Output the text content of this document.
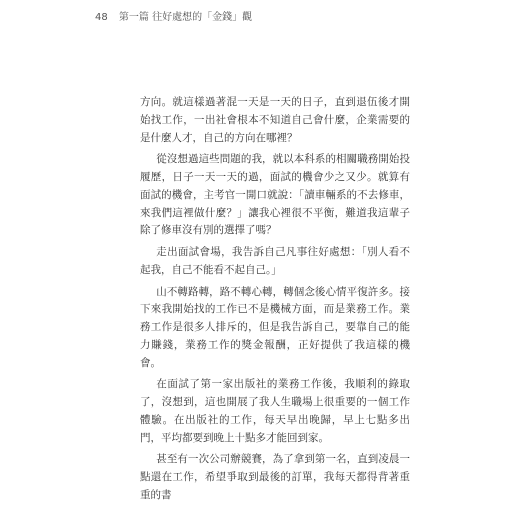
48 第一篇 往好處想的「金錢」觀

方向。就這樣過著混一天是一天的日子，直到退伍後才開始找工作，一出社會根本不知道自己會什麼，企業需要的是什麼人才，自己的方向在哪裡？

從沒想過這些問題的我，就以本科系的相關職務開始投履歷，日子一天一天的過，面試的機會少之又少。就算有面試的機會，主考官一開口就說：「讀車輛系的不去修車，來我們這裡做什麼？」讓我心裡很不平衡，難道我這輩子除了修車沒有別的選擇了嗎？

走出面試會場，我告訴自己凡事往好處想：「別人看不起我，自己不能看不起自己。」

山不轉路轉，路不轉心轉，轉個念後心情平復許多。接下來我開始找的工作已不是機械方面，而是業務工作。業務工作是很多人排斥的，但是我告訴自己，要靠自己的能力賺錢，業務工作的獎金報酬，正好提供了我這樣的機會。

在面試了第一家出版社的業務工作後，我順利的錄取了，沒想到，這也開展了我人生職場上很重要的一個工作體驗。在出版社的工作，每天早出晚歸，早上七點多出門，平均都要到晚上十點多才能回到家。

甚至有一次公司辦競賽，為了拿到第一名，直到凌晨一點還在工作，希望爭取到最後的訂單，我每天都得背著重重的書
